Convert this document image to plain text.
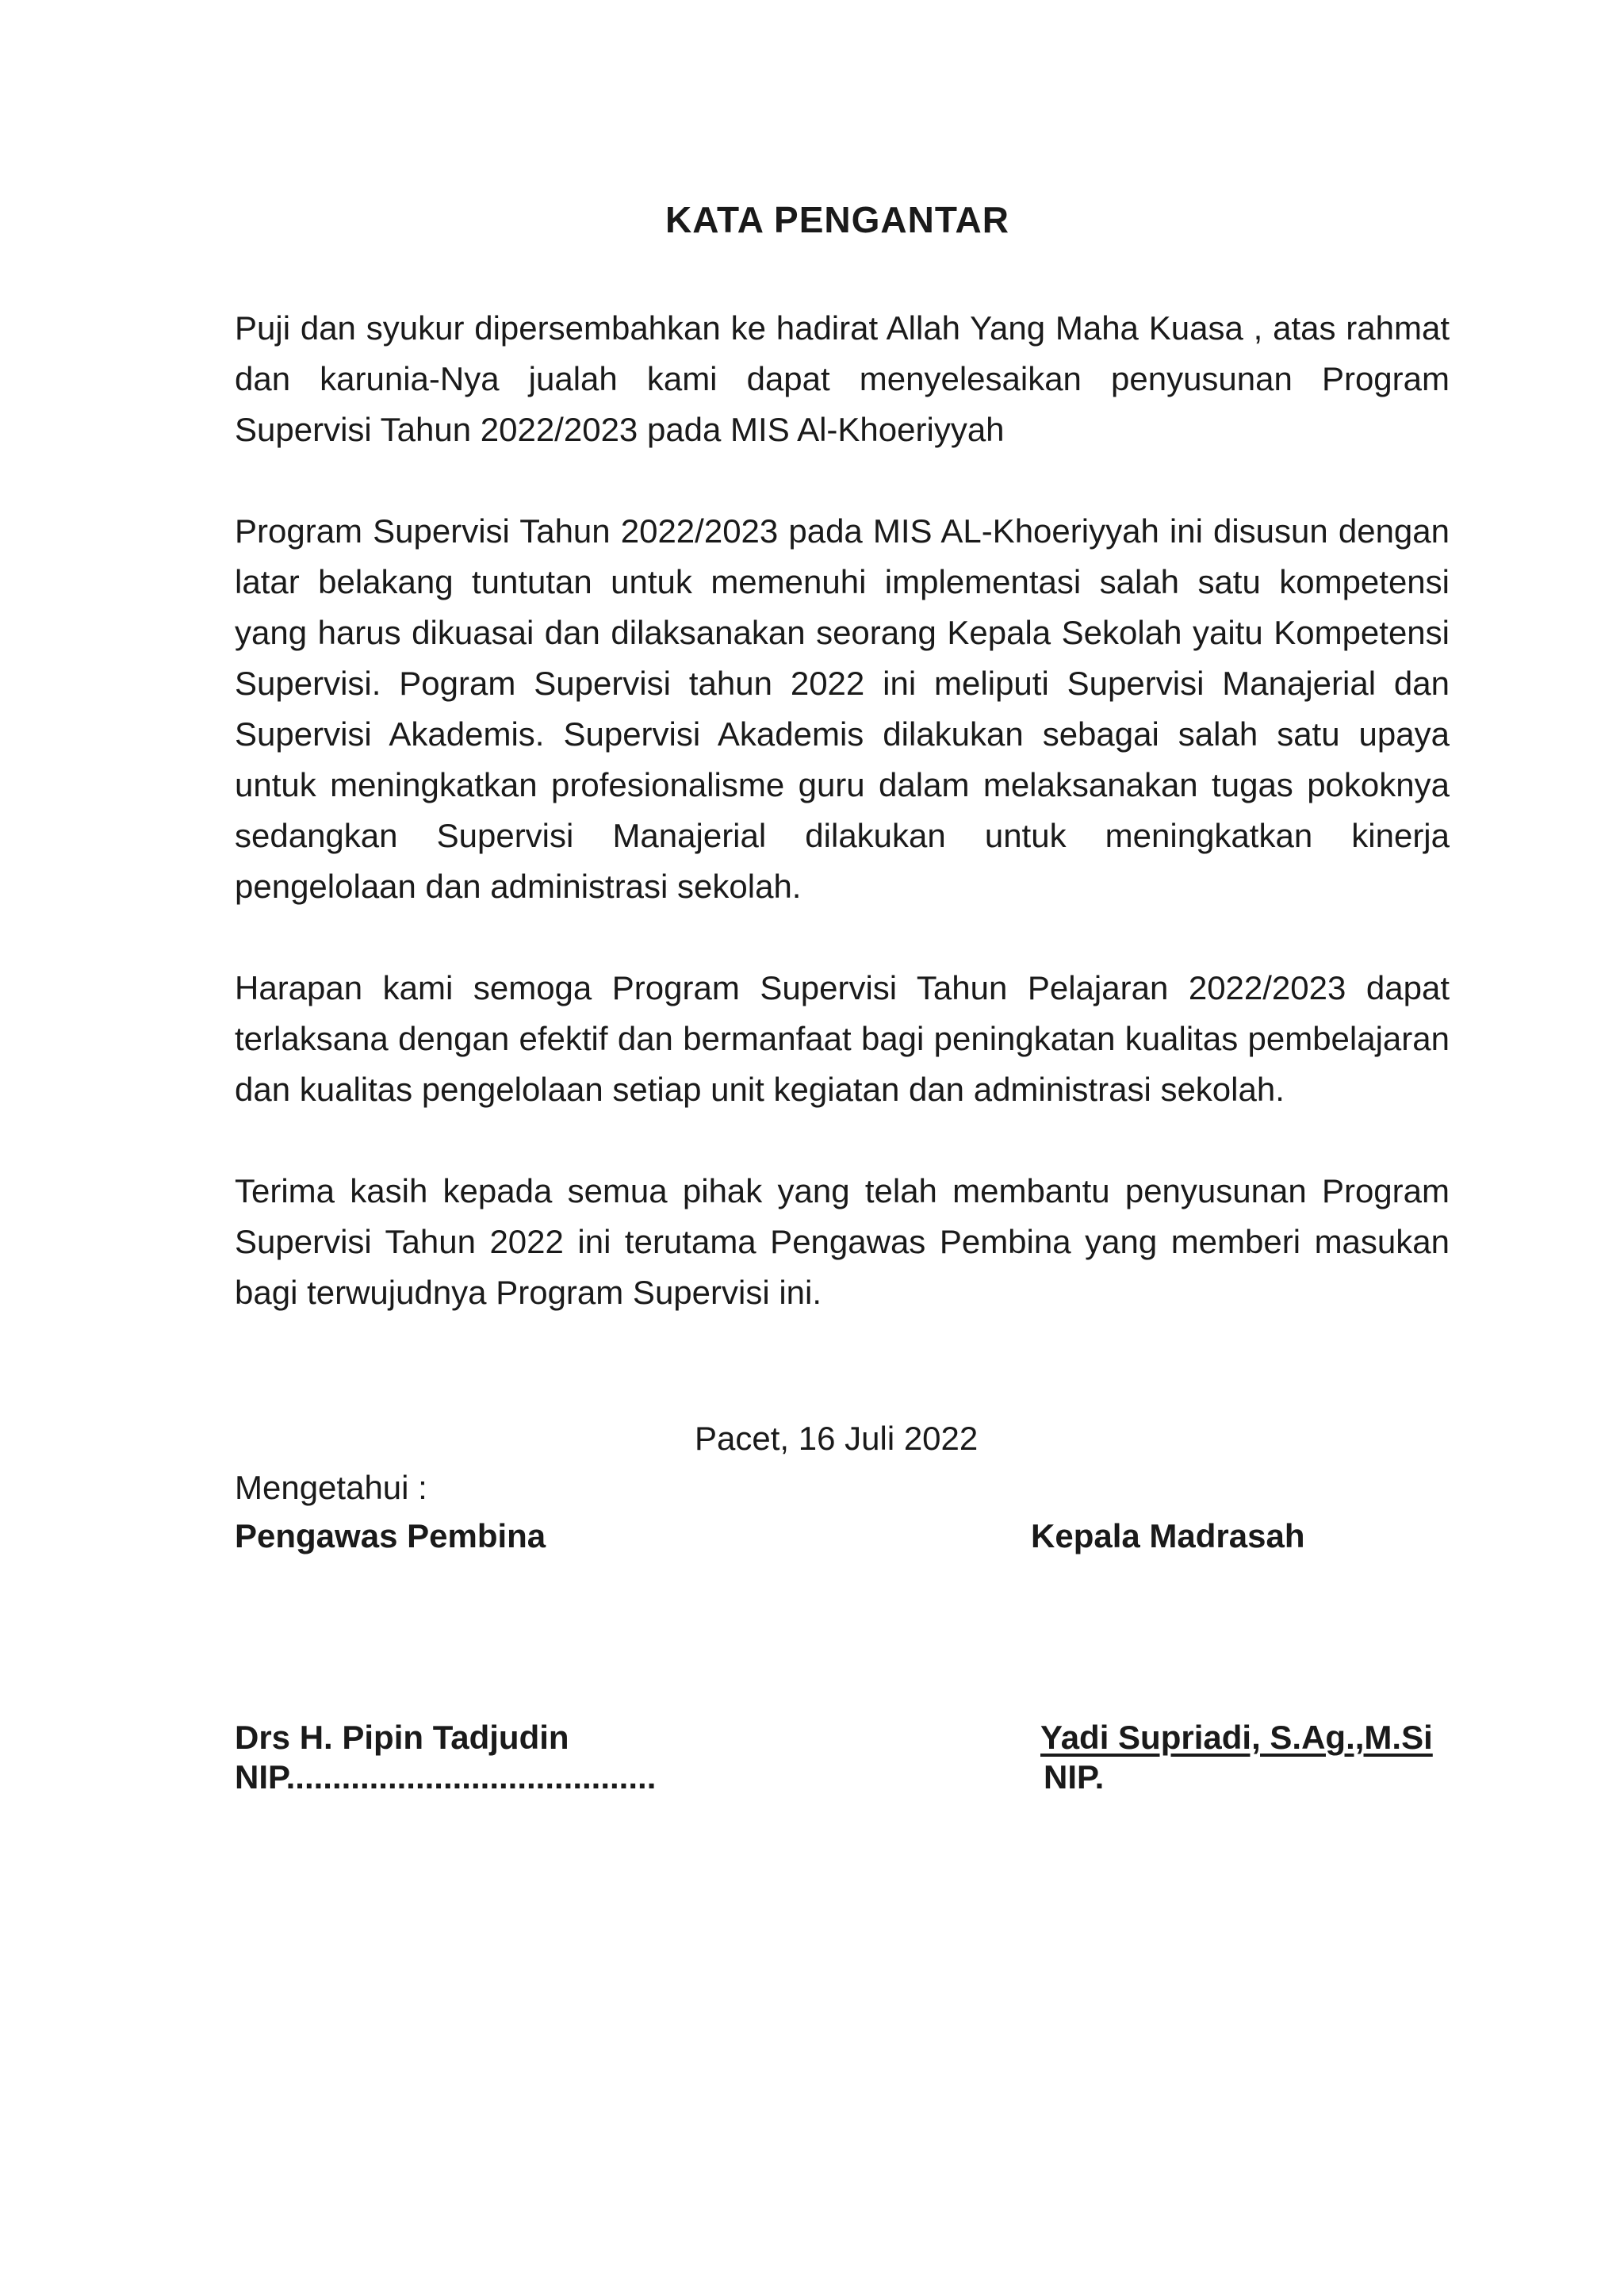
KATA PENGANTAR

Puji dan syukur dipersembahkan ke hadirat Allah Yang Maha Kuasa , atas rahmat dan karunia-Nya jualah kami dapat menyelesaikan penyusunan Program Supervisi Tahun 2022/2023 pada MIS Al-Khoeriyyah

Program Supervisi Tahun 2022/2023 pada MIS AL-Khoeriyyah ini disusun dengan latar belakang tuntutan untuk memenuhi implementasi salah satu kompetensi yang harus dikuasai dan dilaksanakan seorang Kepala Sekolah yaitu Kompetensi Supervisi. Pogram Supervisi tahun 2022 ini meliputi Supervisi Manajerial dan Supervisi Akademis. Supervisi Akademis dilakukan sebagai salah satu upaya untuk meningkatkan profesionalisme guru dalam melaksanakan tugas pokoknya sedangkan Supervisi Manajerial dilakukan untuk meningkatkan kinerja pengelolaan dan administrasi sekolah.

Harapan kami semoga Program Supervisi Tahun Pelajaran 2022/2023 dapat terlaksana dengan efektif dan bermanfaat bagi peningkatan kualitas pembelajaran dan kualitas pengelolaan setiap unit kegiatan dan administrasi sekolah.

Terima kasih kepada semua pihak yang telah membantu penyusunan Program Supervisi Tahun 2022 ini terutama Pengawas Pembina yang memberi masukan bagi terwujudnya Program Supervisi ini.

Pacet, 16 Juli 2022

Mengetahui :

Pengawas Pembina	Kepala Madrasah
Drs H. Pipin Tadjudin
NIP........................................
Yadi Supriadi, S.Ag.,M.Si
NIP.
